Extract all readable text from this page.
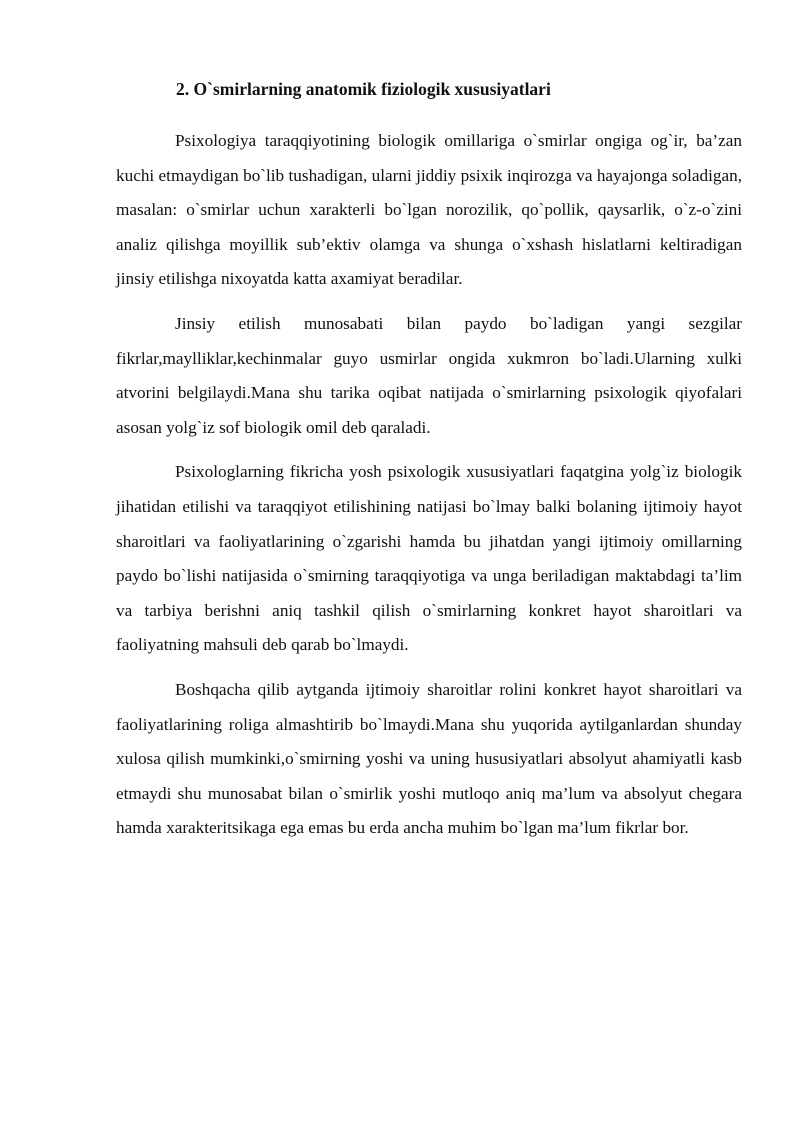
2. O`smirlarning anatomik fiziologik xususiyatlari

Psixologiya taraqqiyotining biologik omillariga o`smirlar ongiga og`ir, ba’zan kuchi etmaydigan bo`lib tushadigan, ularni jiddiy psixik inqirozga va hayajonga soladigan, masalan: o`smirlar uchun xarakterli bo`lgan norozilik, qo`pollik, qaysarlik, o`z-o`zini analiz qilishga moyillik sub’ektiv olamga va shunga o`xshash hislatlarni keltiradigan jinsiy etilishga nixoyatda katta axamiyat beradilar.

Jinsiy etilish munosabati bilan paydo bo`ladigan yangi sezgilar fikrlar,maylliklar,kechinmalar guyo usmirlar ongida xukmron bo`ladi.Ularning xulki atvorini belgilaydi.Mana shu tarika oqibat natijada o`smirlarning psixologik qiyofalari asosan yolg`iz sof biologik omil deb qaraladi.

Psixologlarning fikricha yosh psixologik xususiyatlari faqatgina yolg`iz biologik jihatidan etilishi va taraqqiyot etilishining natijasi bo`lmay balki bolaning ijtimoiy hayot sharoitlari va faoliyatlarining o`zgarishi hamda bu jihatdan yangi ijtimoiy omillarning paydo bo`lishi natijasida o`smirning taraqqiyotiga va unga beriladigan maktabdagi ta’lim va tarbiya berishni aniq tashkil qilish o`smirlarning konkret hayot sharoitlari va faoliyatning mahsuli deb qarab bo`lmaydi.

Boshqacha qilib aytganda ijtimoiy sharoitlar rolini konkret hayot sharoitlari va faoliyatlarining roliga almashtirib bo`lmaydi.Mana shu yuqorida aytilganlardan shunday xulosa qilish mumkinki,o`smirning yoshi va uning hususiyatlari absolyut ahamiyatli kasb etmaydi shu munosabat bilan o`smirlik yoshi mutloqo aniq ma’lum va absolyut chegara hamda xarakteritsikaga ega emas bu erda ancha muhim bo`lgan ma’lum fikrlar bor.
